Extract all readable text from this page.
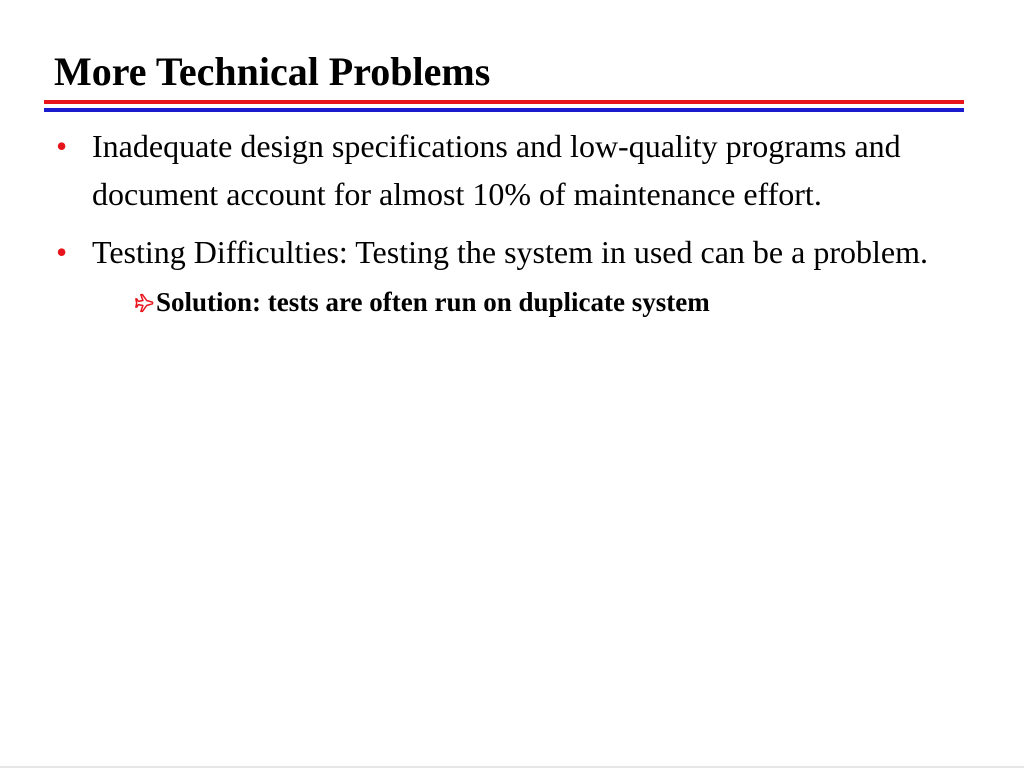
More Technical Problems
• Inadequate design specifications and low-quality programs and document account for almost 10% of maintenance effort.
• Testing Difficulties: Testing the system in used can be a problem.
Solution: tests are often run on duplicate system
